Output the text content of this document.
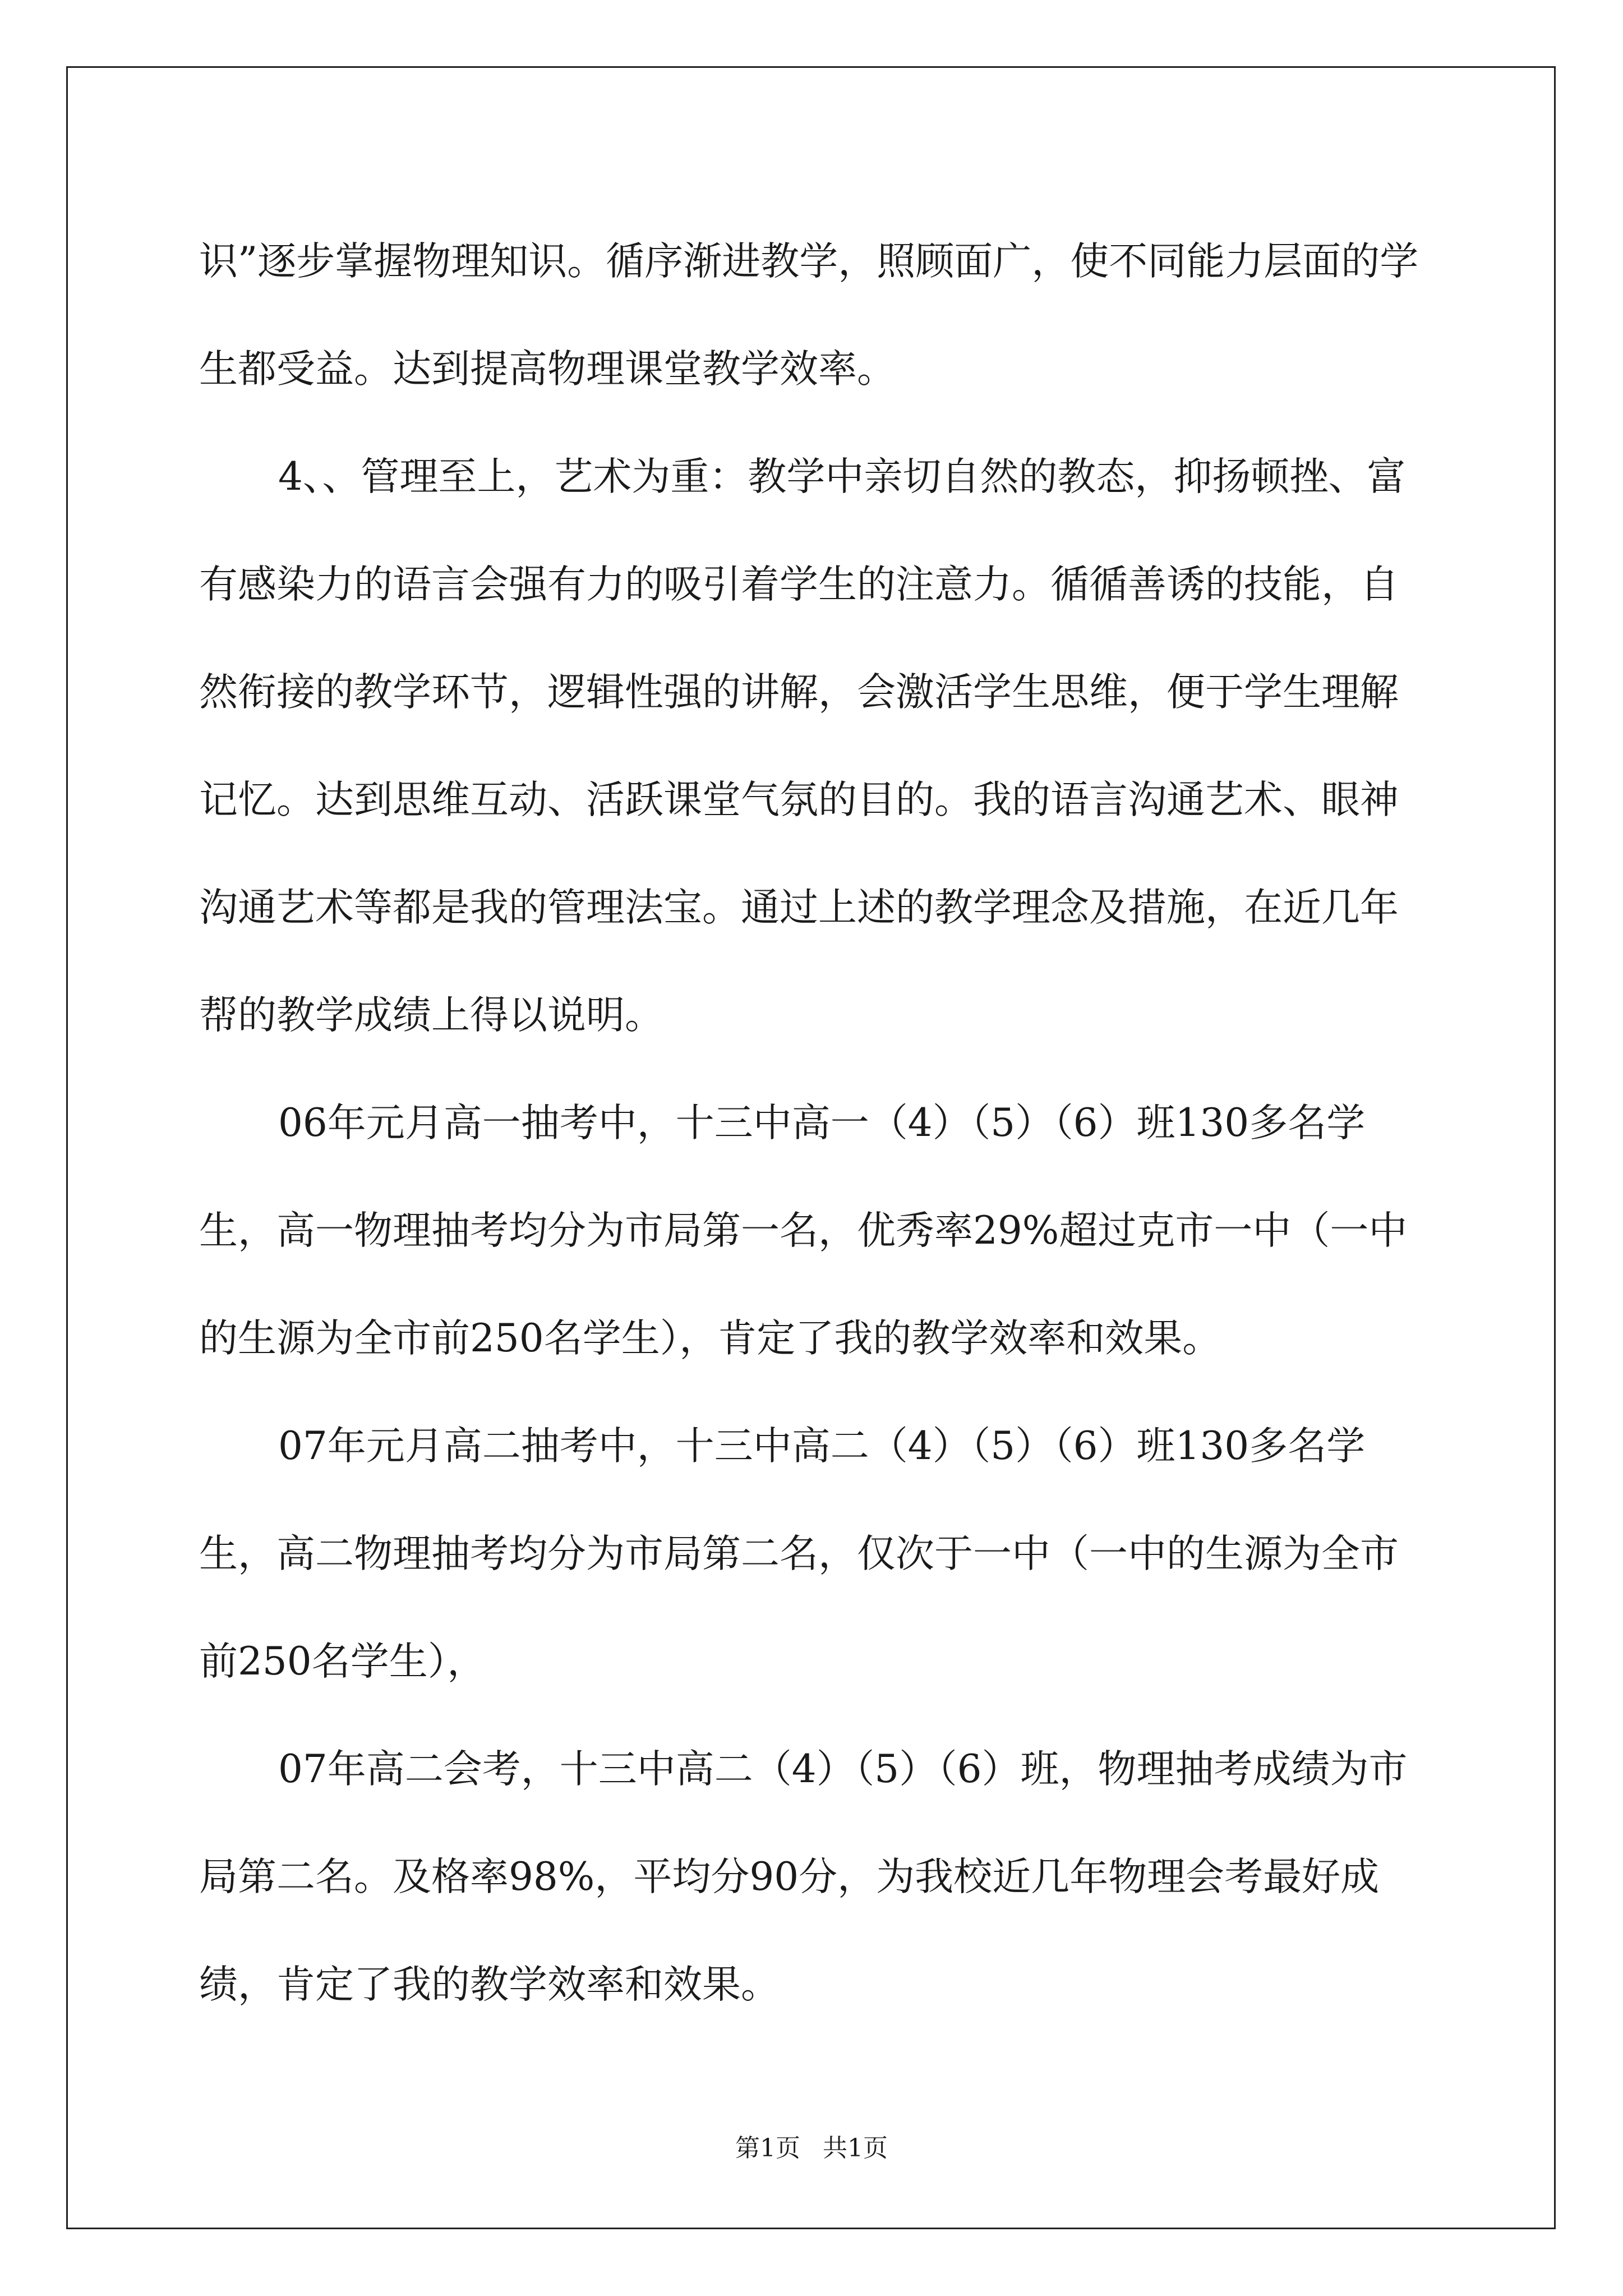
识”逐步掌握物理知识。循序渐进教学，照顾面广，使不同能力层面的学生都受益。达到提高物理课堂教学效率。

4、、管理至上，艺术为重：教学中亲切自然的教态，抑扬顿挫、富有感染力的语言会强有力的吸引着学生的注意力。循循善诱的技能，自然衔接的教学环节，逻辑性强的讲解，会激活学生思维，便于学生理解记忆。达到思维互动、活跃课堂气氛的目的。我的语言沟通艺术、眼神沟通艺术等都是我的管理法宝。通过上述的教学理念及措施，在近几年帮的教学成绩上得以说明。

06年元月高一抽考中，十三中高一（4）（5）（6）班130多名学生，高一物理抽考均分为市局第一名，优秀率29%超过克市一中（一中的生源为全市前250名学生），肯定了我的教学效率和效果。

07年元月高二抽考中，十三中高二（4）（5）（6）班130多名学生，高二物理抽考均分为市局第二名，仅次于一中（一中的生源为全市前250名学生），

07年高二会考，十三中高二（4）（5）（6）班，物理抽考成绩为市局第二名。及格率98%，平均分90分，为我校近几年物理会考最好成绩，肯定了我的教学效率和效果。

第1页 共1页
